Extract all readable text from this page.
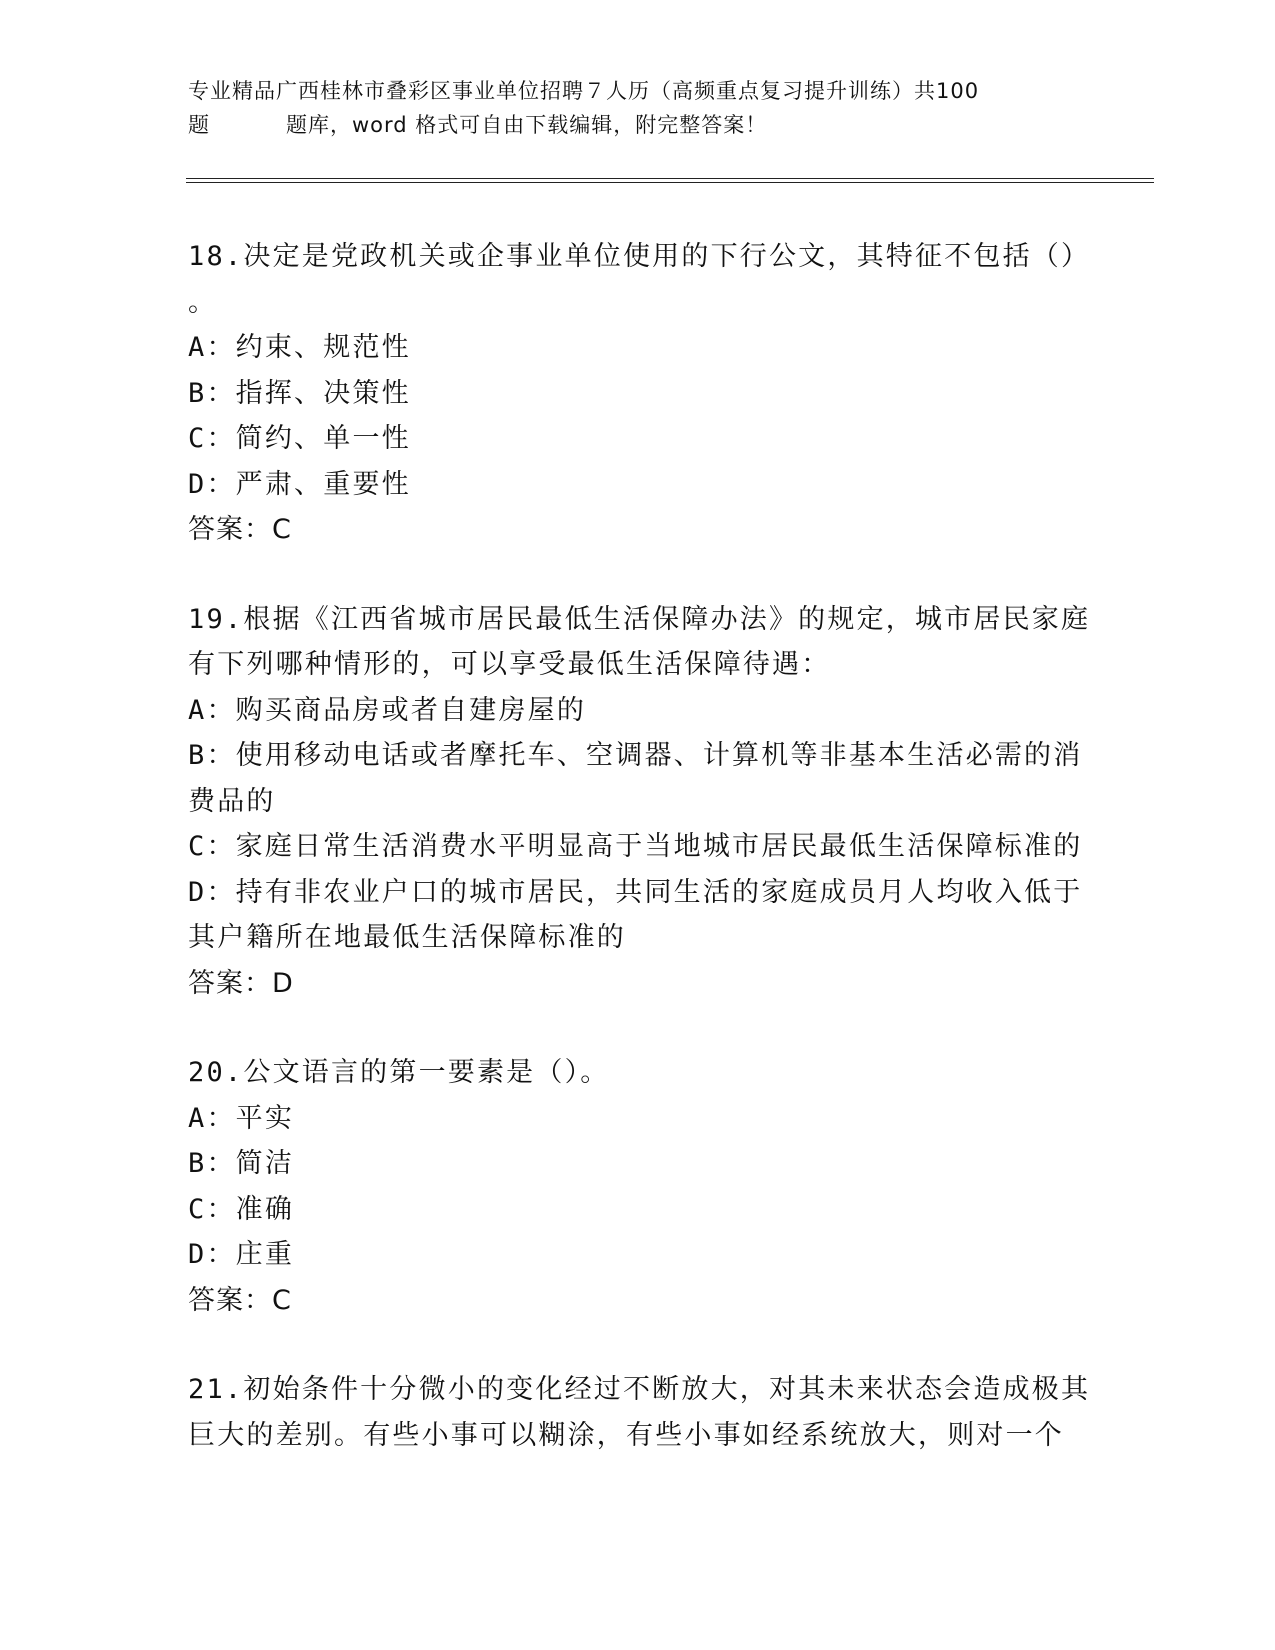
专业精品广西桂林市叠彩区事业单位招聘７人历（高频重点复习提升训练）共100
题	题库，word 格式可自由下载编辑，附完整答案！
18.决定是党政机关或企事业单位使用的下行公文，其特征不包括（）
。
A：约束、规范性
B：指挥、决策性
C：简约、单一性
D：严肃、重要性
答案：C
19.根据《江西省城市居民最低生活保障办法》的规定，城市居民家庭
有下列哪种情形的，可以享受最低生活保障待遇：
A：购买商品房或者自建房屋的
B：使用移动电话或者摩托车、空调器、计算机等非基本生活必需的消
费品的
C：家庭日常生活消费水平明显高于当地城市居民最低生活保障标准的
D：持有非农业户口的城市居民，共同生活的家庭成员月人均收入低于
其户籍所在地最低生活保障标准的
答案：D
20.公文语言的第一要素是（）。
A：平实
B：简洁
C：准确
D：庄重
答案：C
21.初始条件十分微小的变化经过不断放大，对其未来状态会造成极其
巨大的差别。有些小事可以糊涂，有些小事如经系统放大，则对一个
